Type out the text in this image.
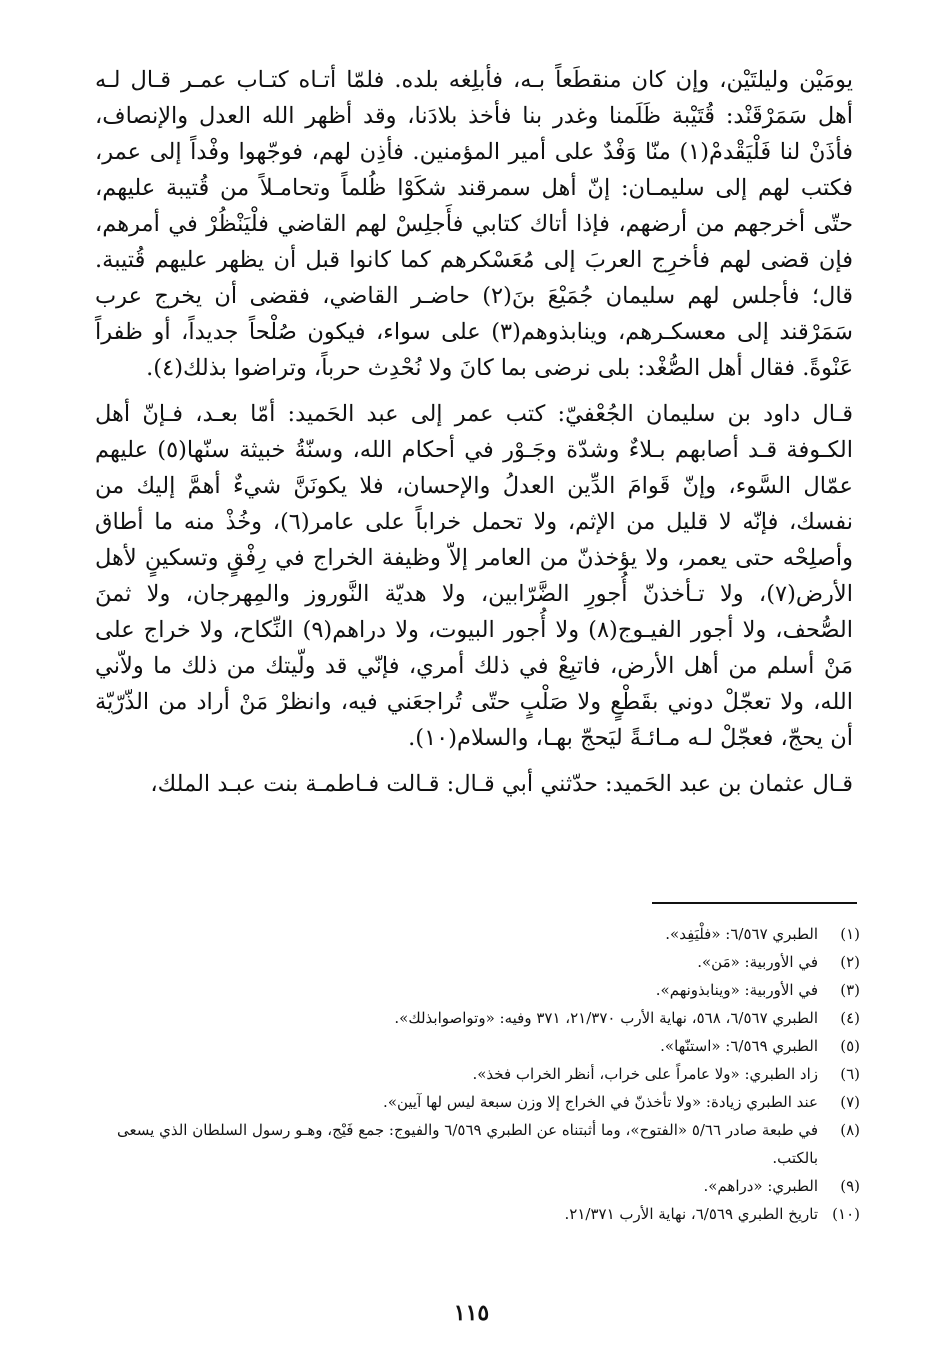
يومَيْن وليلتَيْن، وإن كان منقطَعاً بـه، فأبلِغه بلده. فلمّا أتـاه كتـاب عمـر قـال لـه أهل سَمَرْقَنْد: قُتَيْبة ظَلَمنا وغدر بنا فأخذ بلادَنا، وقد أظهر الله العدل والإنصاف، فأذَنْ لنا فَلْيَقْدمْ(١) منّا وَفْدٌ على أمير المؤمنين. فأذِن لهم، فوجّهوا وفْداً إلى عمر، فكتب لهم إلى سليمـان: إنّ أهل سمرقند شكَوْا ظُلماً وتحامـلاً من قُتيبة عليهم، حتّى أخرجهم من أرضهم، فإذا أتاك كتابي فأَجلِسْ لهم القاضي فلْيَنْظُرْ في أمرهم، فإن قضى لهم فأخرِج العربَ إلى مُعَسْكرهم كما كانوا قبل أن يظهر عليهم قُتيبة. قال؛ فأجلس لهم سليمان جُمَيْعَ بنَ(٢) حاضـر القاضي، فقضى أن يخرج عرب سَمَرْقند إلى معسكـرهم، وينابذوهم(٣) على سواء، فيكون صُلْحاً جديداً، أو ظفراً عَنْوةً. فقال أهل الصُّغْد: بلى نرضى بما كانَ ولا نُحْدِث حرباً، وتراضوا بذلك(٤).

قـال داود بن سليمان الجُعْفيّ: كتب عمر إلى عبد الحَميد: أمّا بعـد، فـإنّ أهل الكـوفة قـد أصابهم بـلاءٌ وشدّة وجَـوْر في أحكام الله، وسنّةُ خبيثة سنّها(٥) عليهم عمّال السَّوء، وإنّ قَوامَ الدِّين العدلُ والإحسان، فلا يكونَنَّ شيءٌ أهمَّ إليك من نفسك، فإنّه لا قليل من الإثم، ولا تحمل خراباً على عامر(٦)، وخُذْ منه ما أطاق وأصلِحْه حتى يعمر، ولا يؤخذنّ من العامر إلاّ وظيفة الخراج في رِفْقٍ وتسكينٍ لأهل الأرض(٧)، ولا تـأخذنّ أُجورِ الضَّرّابين، ولا هديّة النَّوروز والمِهرجان، ولا ثمنَ الصُّحف، ولا أجور الفيـوج(٨) ولا أُجور البيوت، ولا دراهم(٩) النِّكاح، ولا خراج على مَنْ أسلم من أهل الأرض، فاتبِعْ في ذلك أمري، فإنّي قد ولّيتك من ذلك ما ولاّني الله، ولا تعجّلْ دوني بقَطْعٍ ولا صَلْبٍ حتّى تُراجعَني فيه، وانظرْ مَنْ أراد من الذّرّيّة أن يحجّ، فعجّلْ لـه مـائـةً ليَحجّ بهـا، والسلام(١٠).

قـال عثمان بن عبد الحَميد: حدّثني أبي قـال: قـالت فـاطمـة بنت عبـد الملك،

(١)
الطبري ٦/٥٦٧: «فلْيَفِد».
(٢)
في الأوربية: «مَن».
(٣)
في الأوربية: «وينابذونهم».
(٤)
الطبري ٦/٥٦٧، ٥٦٨، نهاية الأرب ٢١/٣٧٠، ٣٧١ وفيه: «وتواصوابذلك».
(٥)
الطبري ٦/٥٦٩: «استنّها».
(٦)
زاد الطبري: «ولا عامراً على خراب، أنظر الخراب فخذ».
(٧)
عند الطبري زيادة: «ولا تأخذنّ في الخراج إلا وزن سبعة ليس لها آيين».
(٨)
في طبعة صادر ٥/٦٦ «الفتوح»، وما أثبتناه عن الطبري ٦/٥٦٩ والفيوج: جمع فَيْج، وهـو رسول السلطان الذي يسعى بالكتب.
(٩)
الطبري: «دراهم».
(١٠)
تاريخ الطبري ٦/٥٦٩، نهاية الأرب ٢١/٣٧١.
١١٥
